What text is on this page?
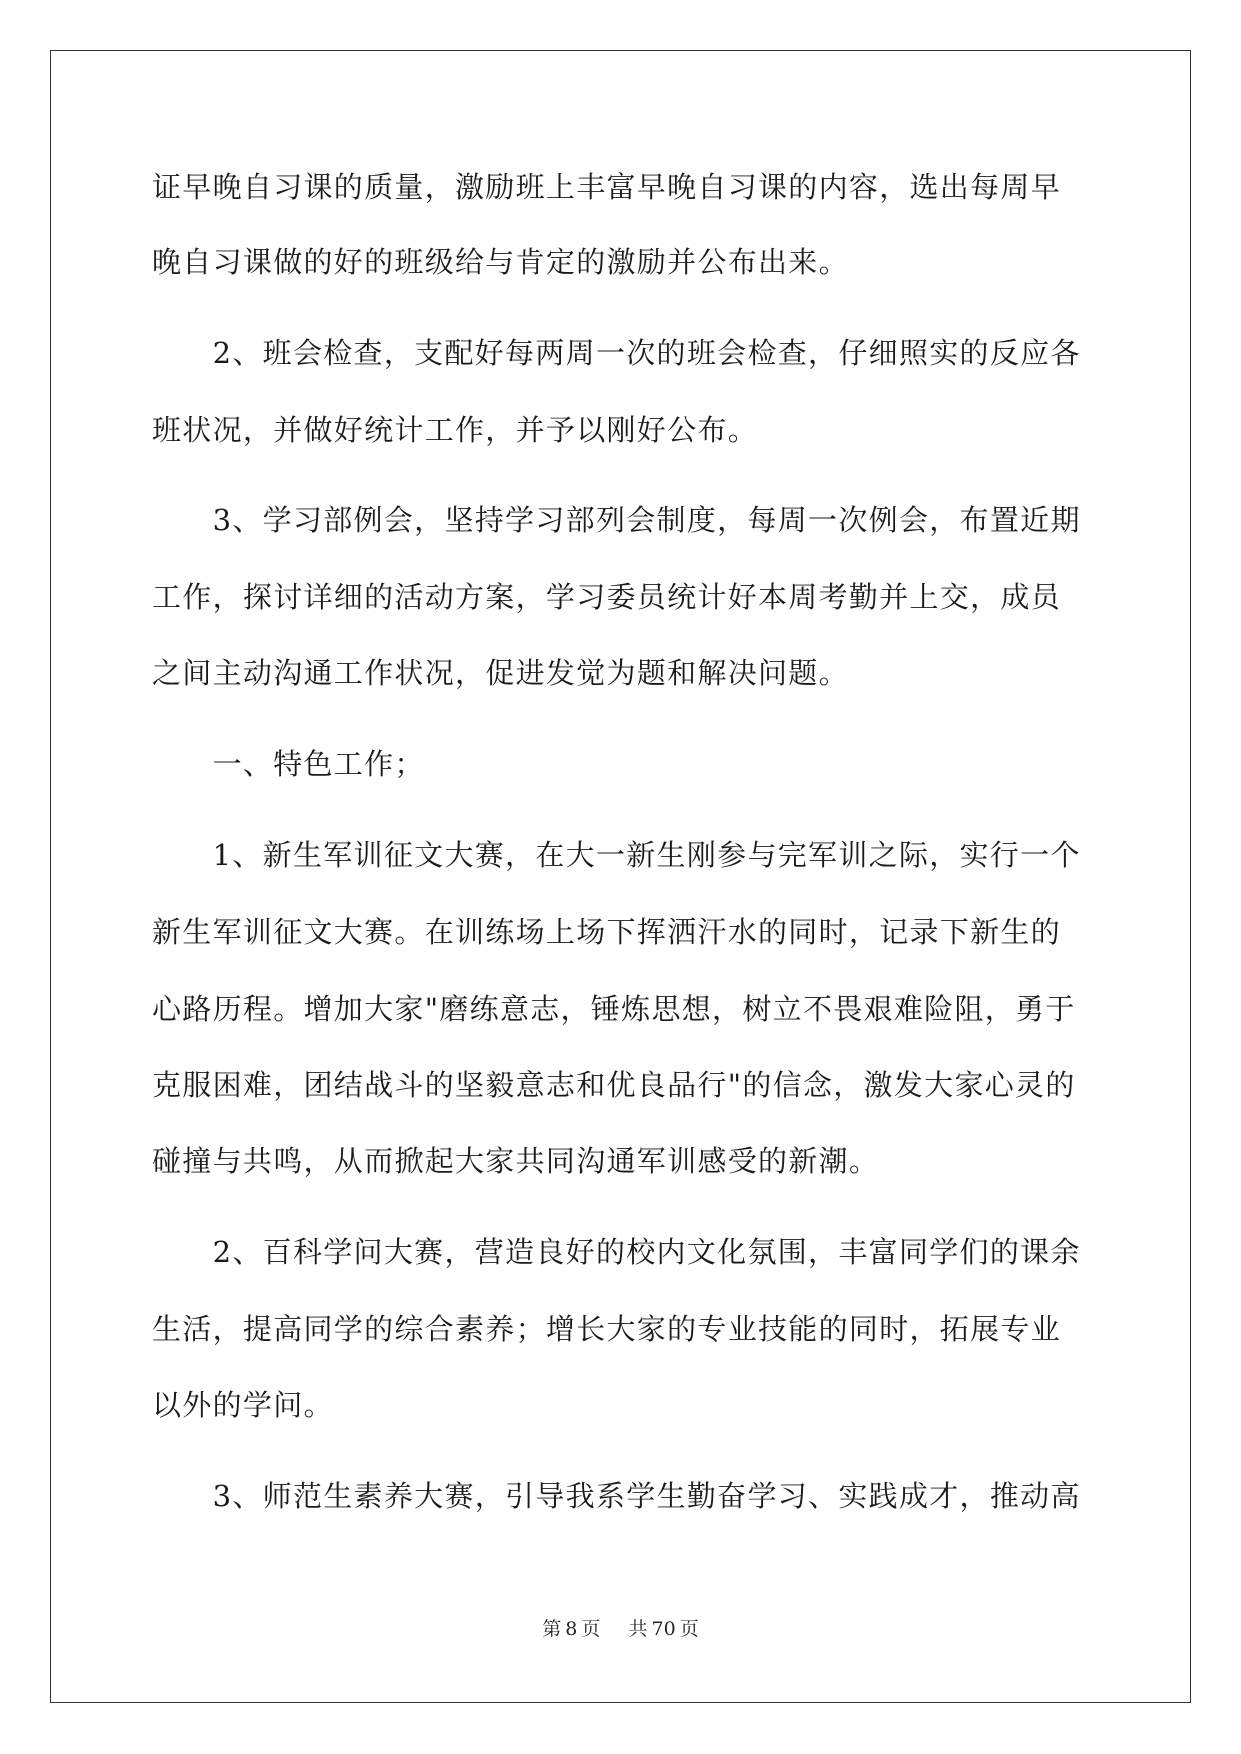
证早晚自习课的质量，激励班上丰富早晚自习课的内容，选出每周早
晚自习课做的好的班级给与肯定的激励并公布出来。
　　2、班会检查，支配好每两周一次的班会检查，仔细照实的反应各
班状况，并做好统计工作，并予以刚好公布。
　　3、学习部例会，坚持学习部列会制度，每周一次例会，布置近期
工作，探讨详细的活动方案，学习委员统计好本周考勤并上交，成员
之间主动沟通工作状况，促进发觉为题和解决问题。
　　一、特色工作；
　　1、新生军训征文大赛，在大一新生刚参与完军训之际，实行一个
新生军训征文大赛。在训练场上场下挥洒汗水的同时，记录下新生的
心路历程。增加大家"磨练意志，锤炼思想，树立不畏艰难险阻，勇于
克服困难，团结战斗的坚毅意志和优良品行"的信念，激发大家心灵的
碰撞与共鸣，从而掀起大家共同沟通军训感受的新潮。
　　2、百科学问大赛，营造良好的校内文化氛围，丰富同学们的课余
生活，提高同学的综合素养；增长大家的专业技能的同时，拓展专业
以外的学问。
　　3、师范生素养大赛，引导我系学生勤奋学习、实践成才，推动高
第 8 页 共 70 页
